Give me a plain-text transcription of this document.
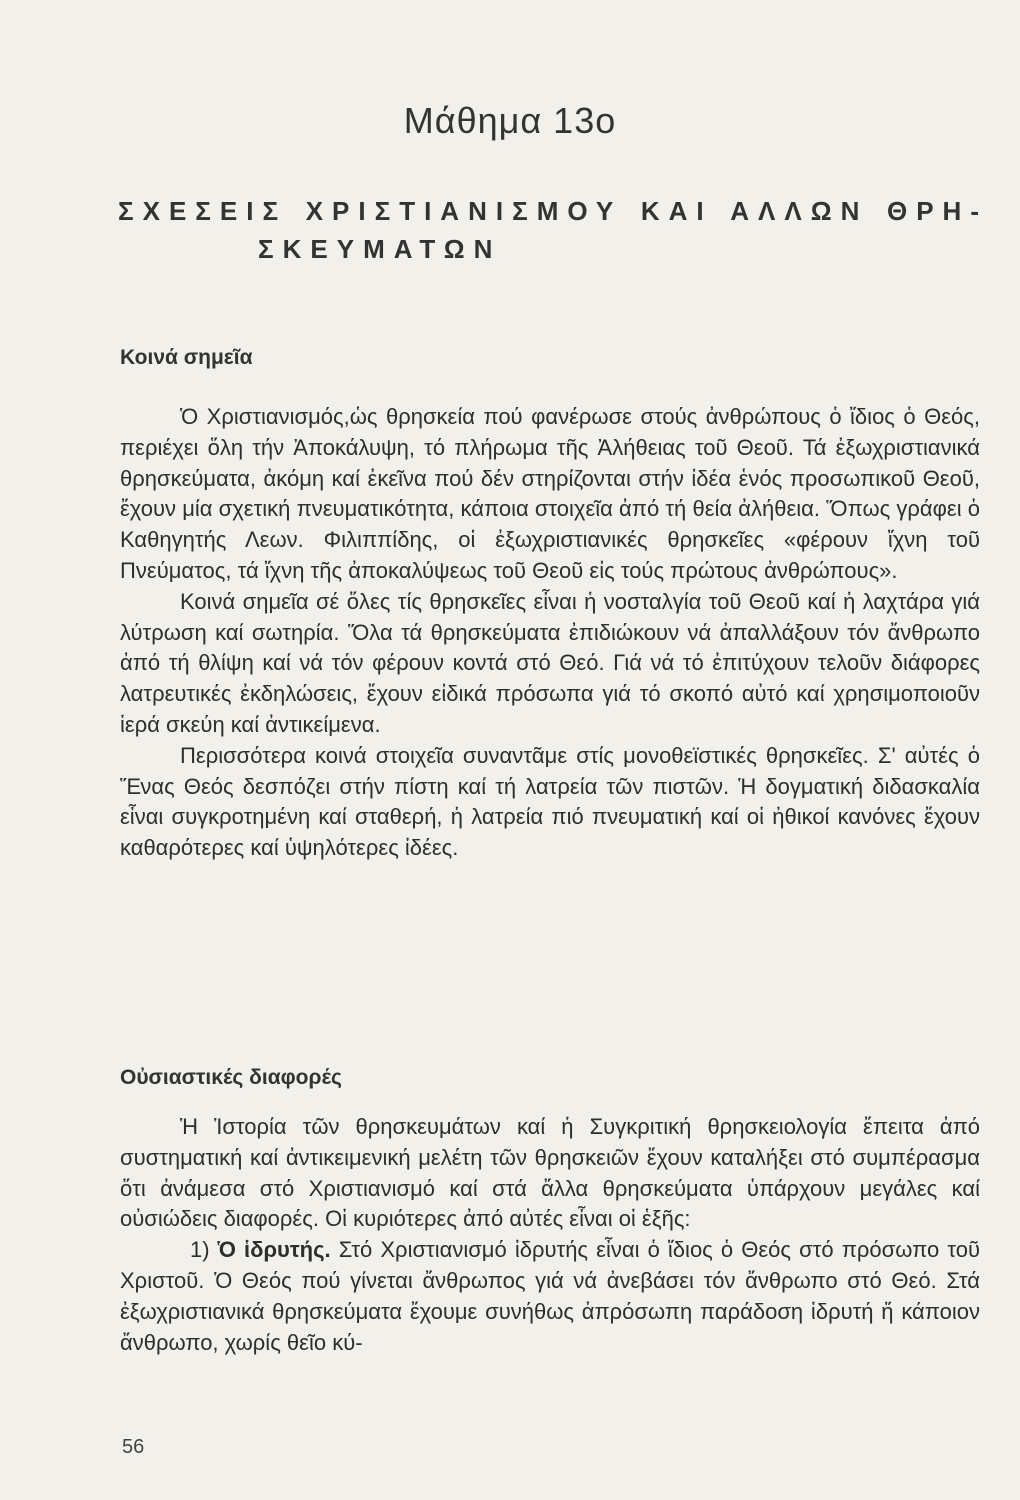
Μάθημα 13ο
ΣΧΕΣΕΙΣ ΧΡΙΣΤΙΑΝΙΣΜΟΥ ΚΑΙ ΑΛΛΩΝ ΘΡΗ-
ΣΚΕΥΜΑΤΩΝ
Κοινά σημεῖα

Ὁ Χριστιανισμός,ὡς θρησκεία πού φανέρωσε στούς ἀνθρώπους ὁ ἴδιος ὁ Θεός, περιέχει ὅλη τήν Ἀποκάλυψη, τό πλήρωμα τῆς Ἀλήθειας τοῦ Θεοῦ. Τά ἐξωχριστιανικά θρησκεύματα, ἀκόμη καί ἐκεῖνα πού δέν στηρίζονται στήν ἰδέα ἑνός προσωπικοῦ Θεοῦ, ἔχουν μία σχετική πνευματικότητα, κάποια στοιχεῖα ἀπό τή θεία ἀλήθεια. Ὅπως γράφει ὁ Καθηγητής Λεων. Φιλιππίδης, οἱ ἐξωχριστιανικές θρησκεῖες «φέρουν ἴχνη τοῦ Πνεύματος, τά ἴχνη τῆς ἀποκαλύψεως τοῦ Θεοῦ εἰς τούς πρώτους ἀνθρώπους».

Κοινά σημεῖα σέ ὅλες τίς θρησκεῖες εἶναι ἡ νοσταλγία τοῦ Θεοῦ καί ἡ λαχτάρα γιά λύτρωση καί σωτηρία. Ὅλα τά θρησκεύματα ἐπιδιώκουν νά ἀπαλλάξουν τόν ἄνθρωπο ἀπό τή θλίψη καί νά τόν φέρουν κοντά στό Θεό. Γιά νά τό ἐπιτύχουν τελοῦν διάφορες λατρευτικές ἐκδηλώσεις, ἔχουν εἰδικά πρόσωπα γιά τό σκοπό αὐτό καί χρησιμοποιοῦν ἱερά σκεύη καί ἀντικείμενα.

Περισσότερα κοινά στοιχεῖα συναντᾶμε στίς μονοθεϊστικές θρησκεῖες. Σ' αὐτές ὁ Ἕνας Θεός δεσπόζει στήν πίστη καί τή λατρεία τῶν πιστῶν. Ἡ δογματική διδασκαλία εἶναι συγκροτημένη καί σταθερή, ἡ λατρεία πιό πνευματική καί οἱ ἠθικοί κανόνες ἔχουν καθαρότερες καί ὑψηλότερες ἰδέες.

Οὐσιαστικές διαφορές

Ἡ Ἱστορία τῶν θρησκευμάτων καί ἡ Συγκριτική θρησκειολογία ἔπειτα ἀπό συστηματική καί ἀντικειμενική μελέτη τῶν θρησκειῶν ἔχουν καταλήξει στό συμπέρασμα ὅτι ἀνάμεσα στό Χριστιανισμό καί στά ἄλλα θρησκεύματα ὑπάρχουν μεγάλες καί οὐσιώδεις διαφορές. Οἱ κυριότερες ἀπό αὐτές εἶναι οἱ ἑξῆς:

1) Ὁ ἱδρυτής. Στό Χριστιανισμό ἱδρυτής εἶναι ὁ ἴδιος ὁ Θεός στό πρόσωπο τοῦ Χριστοῦ. Ὁ Θεός πού γίνεται ἄνθρωπος γιά νά ἀνεβάσει τόν ἄνθρωπο στό Θεό. Στά ἐξωχριστιανικά θρησκεύματα ἔχουμε συνήθως ἀπρόσωπη παράδοση ἱδρυτή ἤ κάποιον ἄνθρωπο, χωρίς θεῖο κύ-

56
